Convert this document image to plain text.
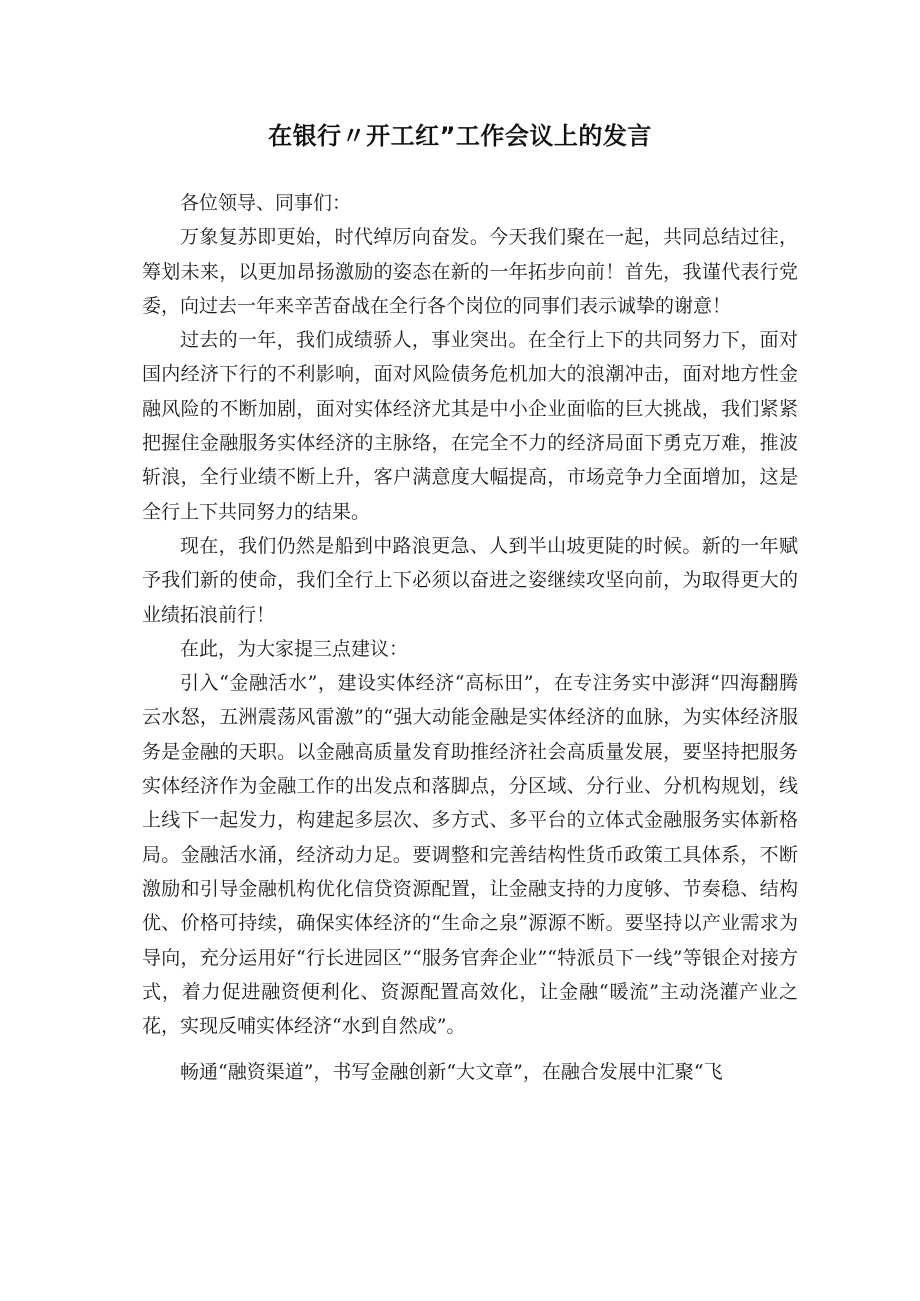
在银行〃开工红”工作会议上的发言

各位领导、同事们：

万象复苏即更始，时代绰厉向奋发。今天我们聚在一起，共同总结过往，筹划未来，以更加昂扬激励的姿态在新的一年拓步向前！首先，我谨代表行党委，向过去一年来辛苦奋战在全行各个岗位的同事们表示诚挚的谢意！

过去的一年，我们成绩骄人，事业突出。在全行上下的共同努力下，面对国内经济下行的不利影响，面对风险债务危机加大的浪潮冲击，面对地方性金融风险的不断加剧，面对实体经济尤其是中小企业面临的巨大挑战，我们紧紧把握住金融服务实体经济的主脉络，在完全不力的经济局面下勇克万难，推波斩浪，全行业绩不断上升，客户满意度大幅提高，市场竞争力全面增加，这是全行上下共同努力的结果。

现在，我们仍然是船到中路浪更急、人到半山坡更陡的时候。新的一年赋予我们新的使命，我们全行上下必须以奋进之姿继续攻坚向前，为取得更大的业绩拓浪前行！

在此，为大家提三点建议：

引入“金融活水”，建设实体经济“高标田”，在专注务实中澎湃“四海翻腾云水怒，五洲震荡风雷激”的“强大动能金融是实体经济的血脉，为实体经济服务是金融的天职。以金融高质量发育助推经济社会高质量发展，要坚持把服务实体经济作为金融工作的出发点和落脚点，分区域、分行业、分机构规划，线上线下一起发力，构建起多层次、多方式、多平台的立体式金融服务实体新格局。金融活水涌，经济动力足。要调整和完善结构性货币政策工具体系，不断激励和引导金融机构优化信贷资源配置，让金融支持的力度够、节奏稳、结构优、价格可持续，确保实体经济的“生命之泉”源源不断。要坚持以产业需求为导向，充分运用好“行长进园区”“服务官奔企业”“特派员下一线”等银企对接方式，着力促进融资便利化、资源配置高效化，让金融“暖流”主动浇灌产业之花，实现反哺实体经济“水到自然成”。

畅通“融资渠道”，书写金融创新“大文章”，在融合发展中汇聚“飞
